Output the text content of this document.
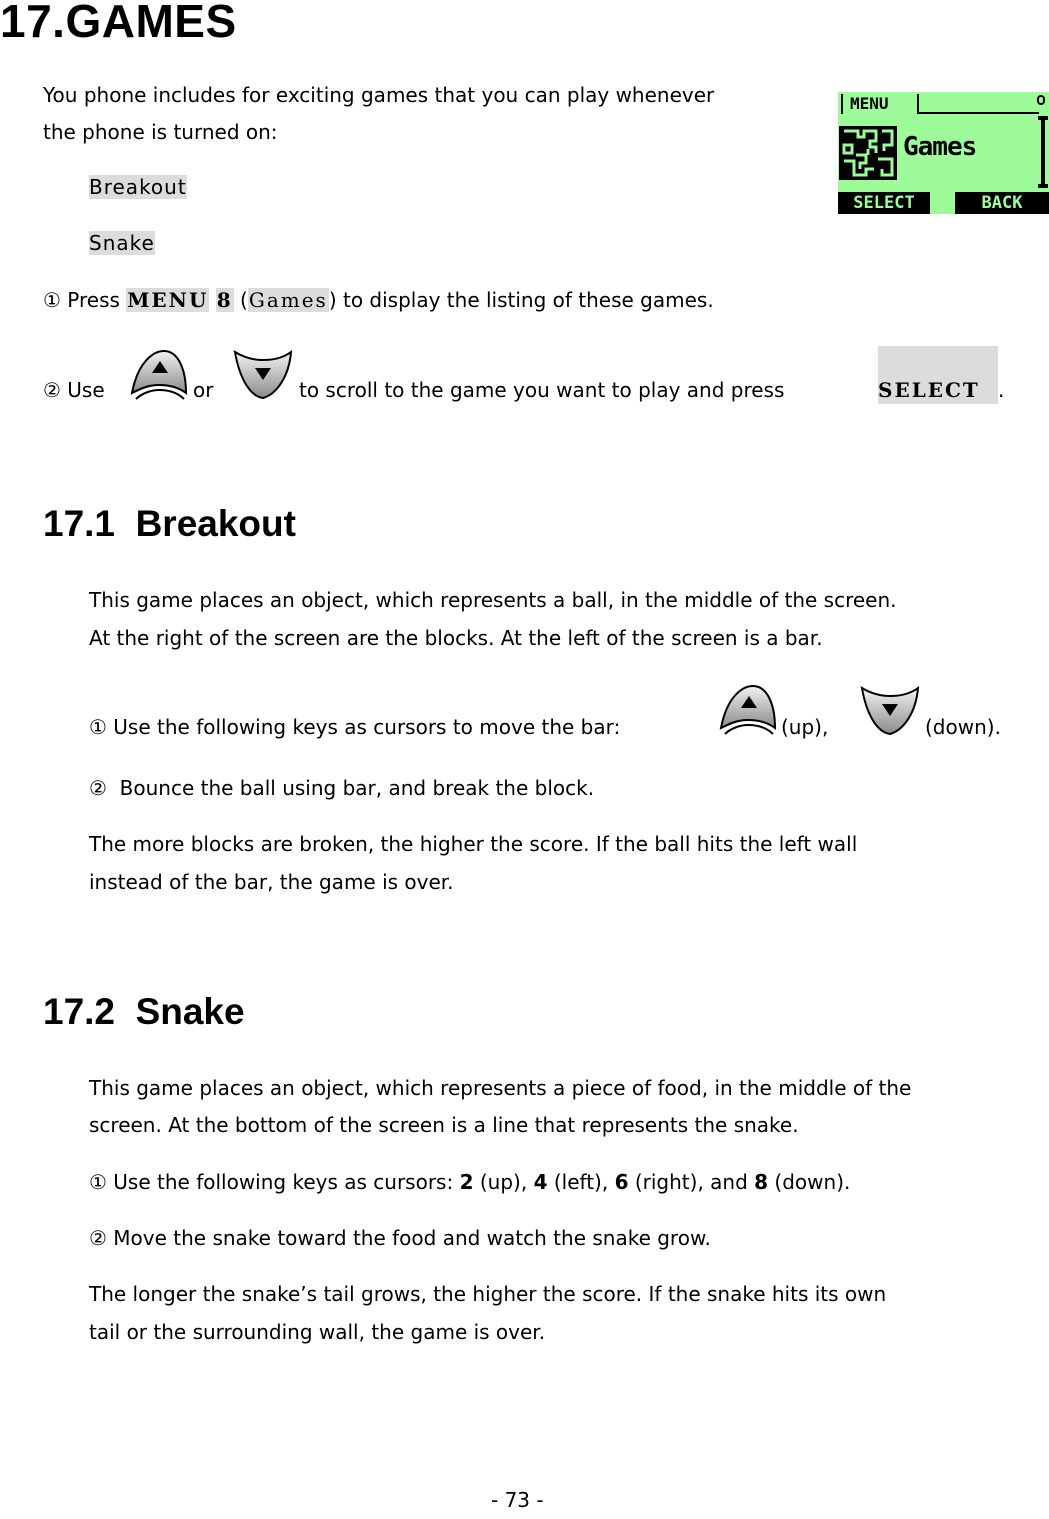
17.GAMES
You phone includes for exciting games that you can play whenever
the phone is turned on:
Breakout
Snake
MENU
Games
SELECT	BACK
① Press MENU 8 (Games) to display the listing of these games.
② Use	or	to scroll to the game you want to play and press	SELECT .
17.1  Breakout
This game places an object, which represents a ball, in the middle of the screen.
At the right of the screen are the blocks. At the left of the screen is a bar.
① Use the following keys as cursors to move the bar:	(up),	(down).
②  Bounce the ball using bar, and break the block.
The more blocks are broken, the higher the score. If the ball hits the left wall
instead of the bar, the game is over.
17.2  Snake
This game places an object, which represents a piece of food, in the middle of the
screen. At the bottom of the screen is a line that represents the snake.
① Use the following keys as cursors: 2 (up), 4 (left), 6 (right), and 8 (down).
② Move the snake toward the food and watch the snake grow.
The longer the snake’s tail grows, the higher the score. If the snake hits its own
tail or the surrounding wall, the game is over.
- 73 -
